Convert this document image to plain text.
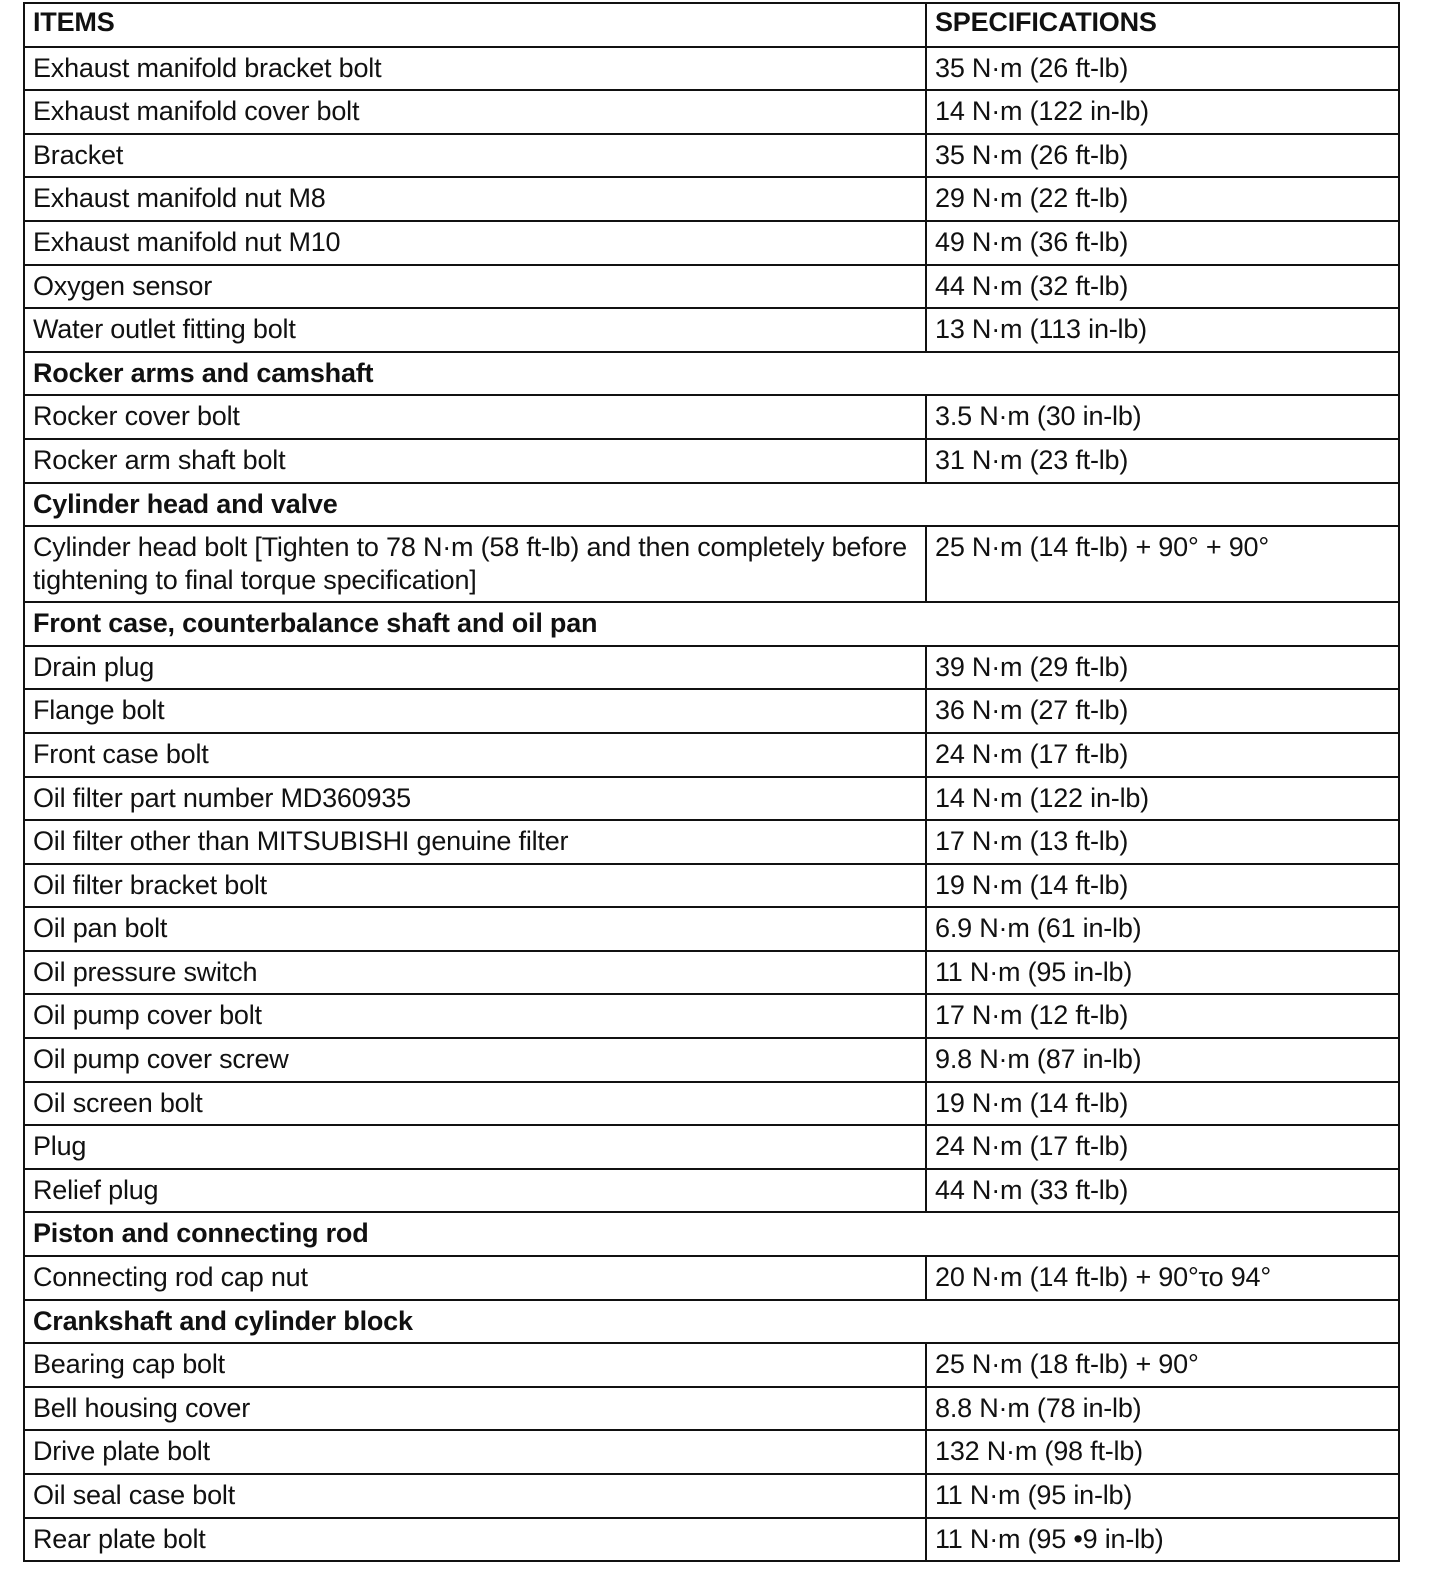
ITEMS	SPECIFICATIONS
Exhaust manifold bracket bolt	35 N·m (26 ft-lb)
Exhaust manifold cover bolt	14 N·m (122 in-lb)
Bracket	35 N·m (26 ft-lb)
Exhaust manifold nut M8	29 N·m (22 ft-lb)
Exhaust manifold nut M10	49 N·m (36 ft-lb)
Oxygen sensor	44 N·m (32 ft-lb)
Water outlet fitting bolt	13 N·m (113 in-lb)
Rocker arms and camshaft	
Rocker cover bolt	3.5 N·m (30 in-lb)
Rocker arm shaft bolt	31 N·m (23 ft-lb)
Cylinder head and valve	
Cylinder head bolt [Tighten to 78 N·m (58 ft-lb) and then completely before tightening to final torque specification]	25 N·m (14 ft-lb) + 90° + 90°
Front case, counterbalance shaft and oil pan	
Drain plug	39 N·m (29 ft-lb)
Flange bolt	36 N·m (27 ft-lb)
Front case bolt	24 N·m (17 ft-lb)
Oil filter part number MD360935	14 N·m (122 in-lb)
Oil filter other than MITSUBISHI genuine filter	17 N·m (13 ft-lb)
Oil filter bracket bolt	19 N·m (14 ft-lb)
Oil pan bolt	6.9 N·m (61 in-lb)
Oil pressure switch	11 N·m (95 in-lb)
Oil pump cover bolt	17 N·m (12 ft-lb)
Oil pump cover screw	9.8 N·m (87 in-lb)
Oil screen bolt	19 N·m (14 ft-lb)
Plug	24 N·m (17 ft-lb)
Relief plug	44 N·m (33 ft-lb)
Piston and connecting rod	
Connecting rod cap nut	20 N·m (14 ft-lb) + 90°το 94°
Crankshaft and cylinder block	
Bearing cap bolt	25 N·m (18 ft-lb) + 90°
Bell housing cover	8.8 N·m (78 in-lb)
Drive plate bolt	132 N·m (98 ft-lb)
Oil seal case bolt	11 N·m (95 in-lb)
Rear plate bolt	11 N·m (95 •9 in-lb)
